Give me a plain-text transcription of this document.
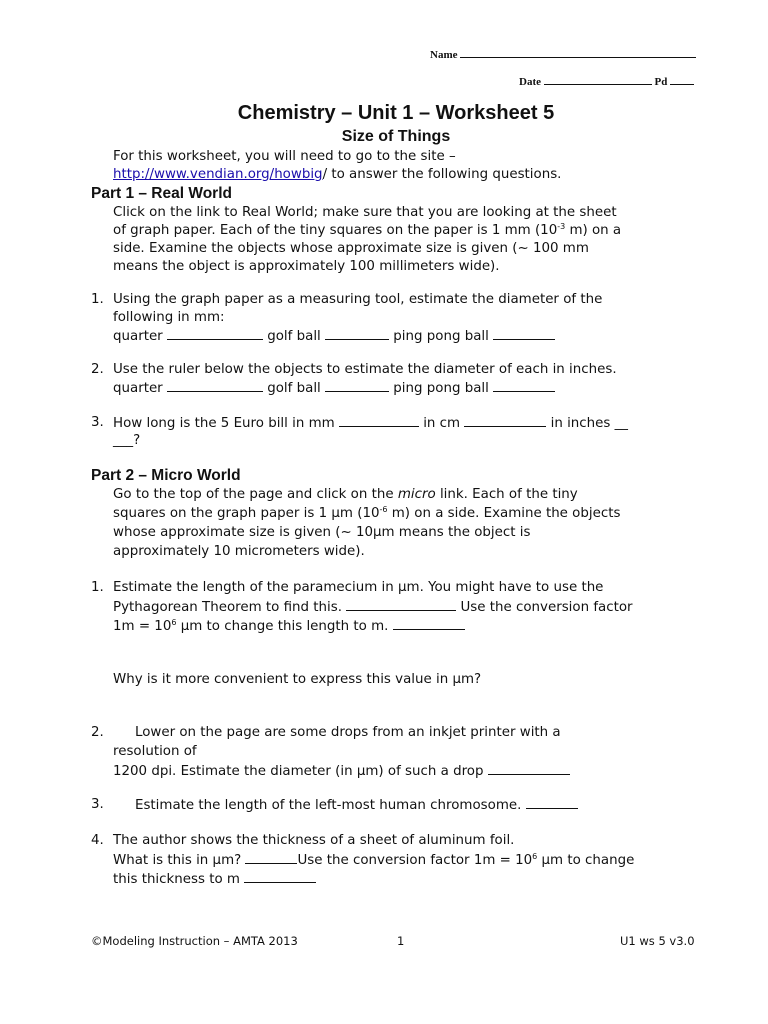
Name
Date	Pd
Chemistry – Unit 1 – Worksheet 5
Size of Things
For this worksheet, you will need to go to the site –
http://www.vendian.org/howbig/ to answer the following questions.
Part 1 – Real World
Click on the link to Real World; make sure that you are looking at the sheet
of graph paper. Each of the tiny squares on the paper is 1 mm ($10^{-3}$ m) on a
side. Examine the objects whose approximate size is given (~ 100 mm
means the object is approximately 100 millimeters wide).
1. Using the graph paper as a measuring tool, estimate the diameter of the
following in mm:
quarter	golf ball	ping pong ball
2. Use the ruler below the objects to estimate the diameter of each in inches.
quarter	golf ball	ping pong ball
3. How long is the 5 Euro bill in mm	in cm	in inches __
___?
Part 2 – Micro World
Go to the top of the page and click on the micro link. Each of the tiny
squares on the graph paper is 1 μm ($10^{-6}$ m) on a side. Examine the objects
whose approximate size is given (~ 10μm means the object is
approximately 10 micrometers wide).
1. Estimate the length of the paramecium in μm. You might have to use the
Pythagorean Theorem to find this.	Use the conversion factor
$1m = 10^6$ μm to change this length to m.
Why is it more convenient to express this value in μm?
2. Lower on the page are some drops from an inkjet printer with a
resolution of
1200 dpi. Estimate the diameter (in μm) of such a drop
3. Estimate the length of the left-most human chromosome.
4. The author shows the thickness of a sheet of aluminum foil.
What is this in μm?	Use the conversion factor $1m = 10^6$ μm to change
this thickness to m
©Modeling Instruction – AMTA 2013	1	U1 ws 5 v3.0
